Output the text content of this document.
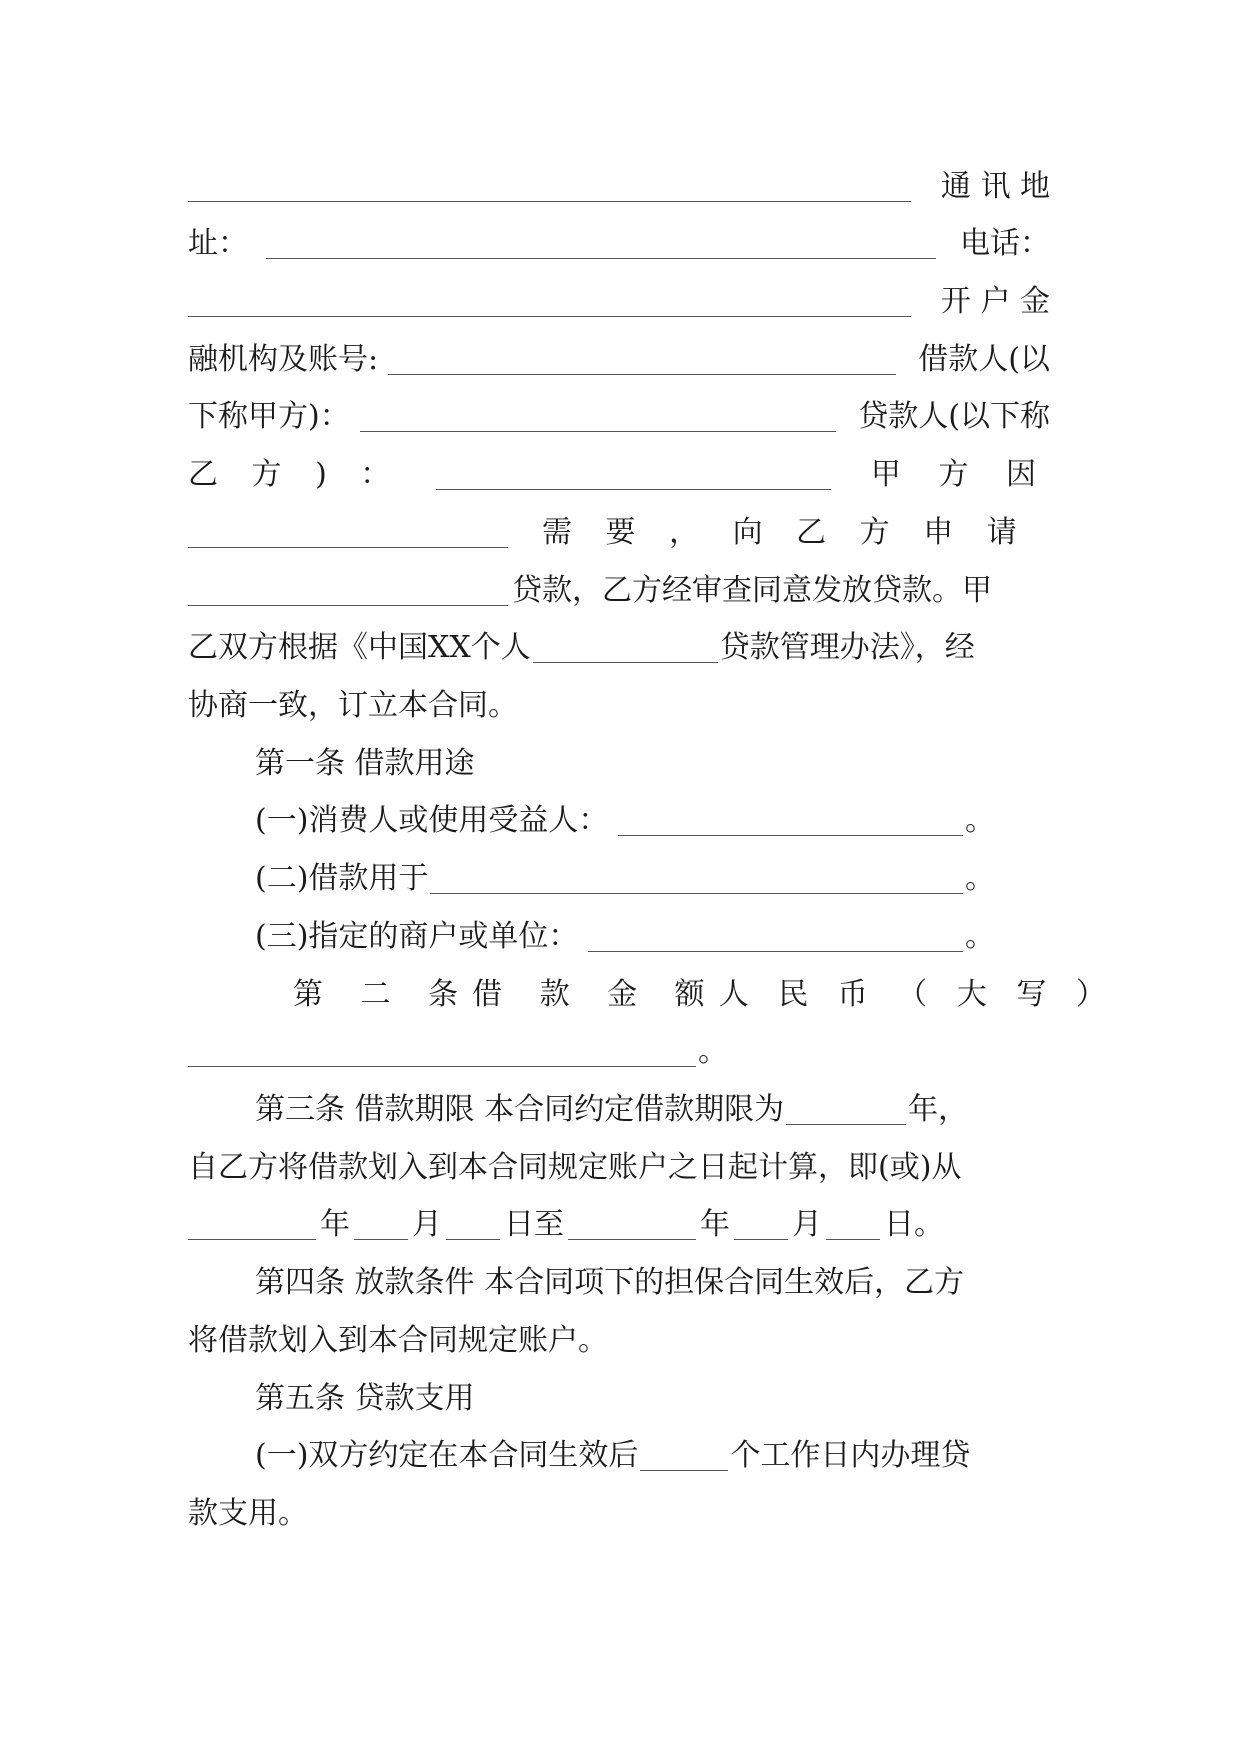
通 讯 地
址：	电话：
开 户 金
融机构及账号:	借款人(以
下称甲方)：	贷款人(以下称
乙 方 ) ：	甲 方 因
需 要 ， 向 乙 方 申 请
贷款，乙方经审查同意发放贷款。甲
乙双方根据《中国XX个人	贷款管理办法》，经
协商一致，订立本合同。
第一条 借款用途
(一)消费人或使用受益人：	。
(二)借款用于	。
(三)指定的商户或单位：	。
第 二 条 借 款 金 额 人 民 币 （ 大 写 ）
。
第三条 借款期限 本合同约定借款期限为	年，
自乙方将借款划入到本合同规定账户之日起计算，即(或)从
年 月 日至	年 月 日。
第四条 放款条件 本合同项下的担保合同生效后，乙方
将借款划入到本合同规定账户。
第五条 贷款支用
(一)双方约定在本合同生效后	个工作日内办理贷
款支用。
